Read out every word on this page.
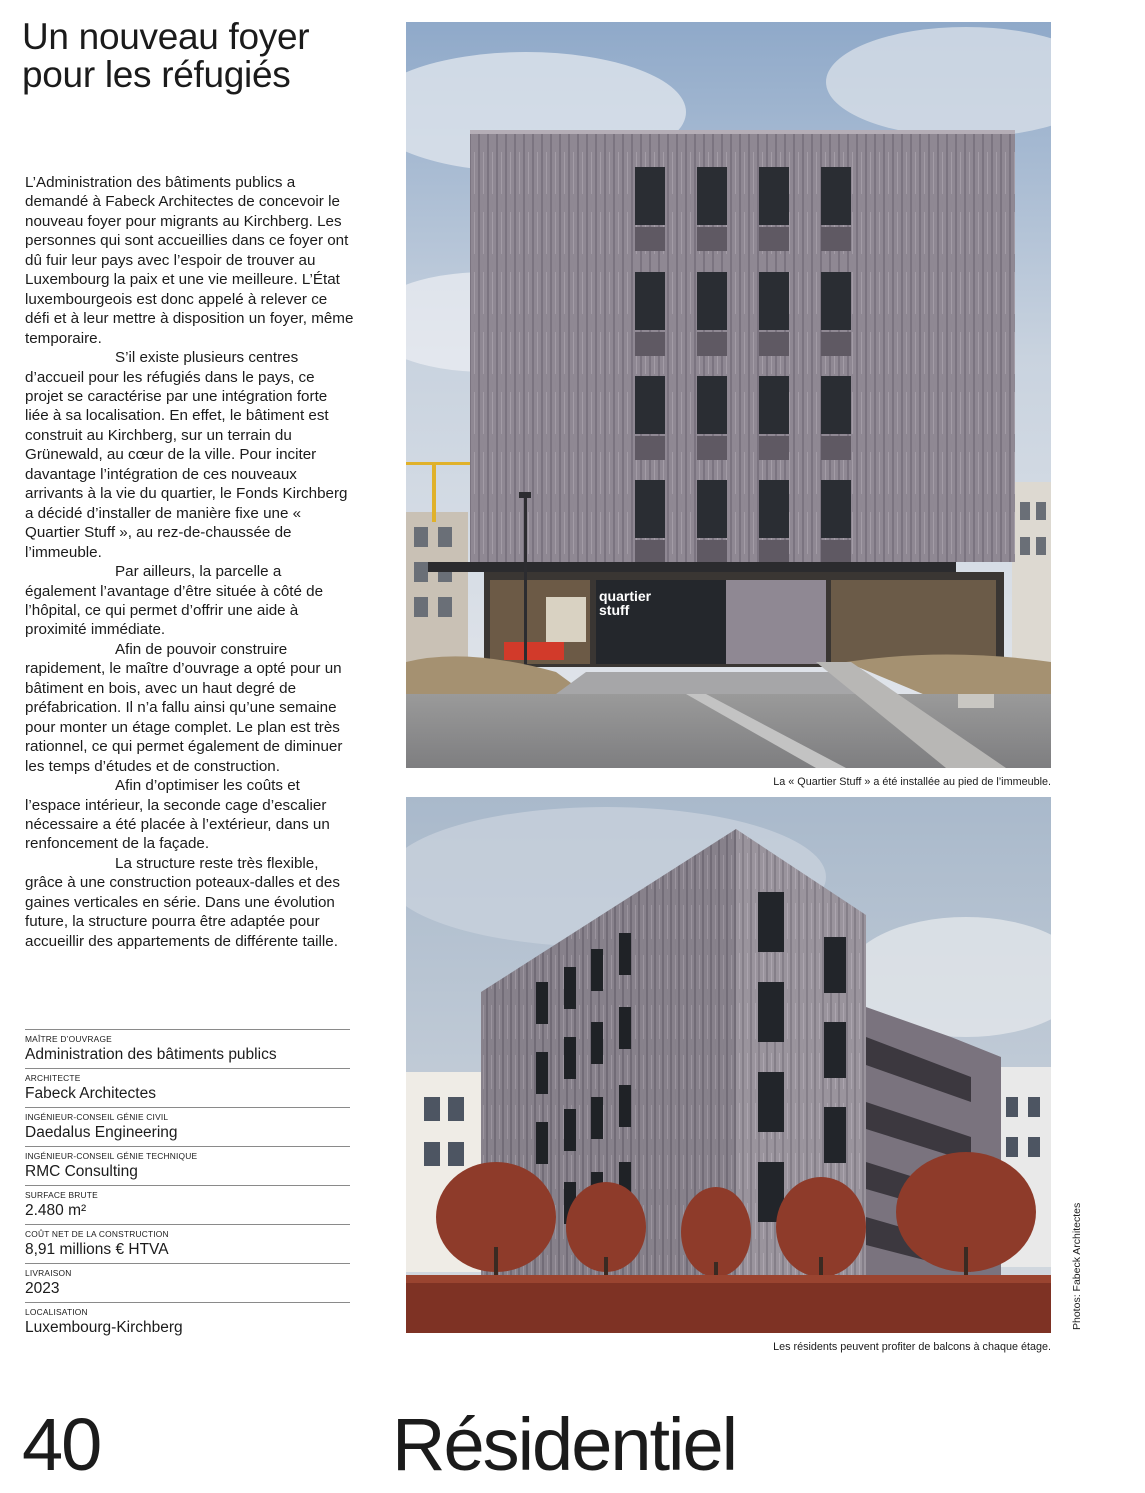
Un nouveau foyer
pour les réfugiés

L’Administration des bâtiments publics a demandé à Fabeck Architectes de concevoir le nouveau foyer pour migrants au Kirchberg. Les personnes qui sont accueillies dans ce foyer ont dû fuir leur pays avec l’espoir de trouver au Luxembourg la paix et une vie meilleure. L’État luxembourgeois est donc appelé à relever ce défi et à leur mettre à disposition un foyer, même temporaire.

S’il existe plusieurs centres d’accueil pour les réfugiés dans le pays, ce projet se caractérise par une intégration forte liée à sa localisation. En effet, le bâtiment est construit au Kirchberg, sur un terrain du Grünewald, au cœur de la ville. Pour inciter davantage l’intégration de ces nouveaux arrivants à la vie du quartier, le Fonds Kirchberg a décidé d’installer de manière fixe une « Quartier Stuff », au rez-de-chaussée de l’immeuble.

Par ailleurs, la parcelle a également l’avantage d’être située à côté de l’hôpital, ce qui permet d’offrir une aide à proximité immédiate.

Afin de pouvoir construire rapidement, le maître d’ouvrage a opté pour un bâtiment en bois, avec un haut degré de préfabrication. Il n’a fallu ainsi qu’une semaine pour monter un étage complet. Le plan est très rationnel, ce qui permet également de diminuer les temps d’études et de construction.

Afin d’optimiser les coûts et l’espace intérieur, la seconde cage d’escalier nécessaire a été placée à l’extérieur, dans un renfoncement de la façade.

La structure reste très flexible, grâce à une construction poteaux-dalles et des gaines verticales en série. Dans une évolution future, la structure pourra être adaptée pour accueillir des appartements de différente taille.

MAÎTRE D’OUVRAGE
Administration des bâtiments publics
ARCHITECTE
Fabeck Architectes
INGÉNIEUR-CONSEIL GÉNIE CIVIL
Daedalus Engineering
INGÉNIEUR-CONSEIL GÉNIE TECHNIQUE
RMC Consulting
SURFACE BRUTE
2.480 m²
COÛT NET DE LA CONSTRUCTION
8,91 millions € HTVA
LIVRAISON
2023
LOCALISATION
Luxembourg-Kirchberg
quartier
stuff
La « Quartier Stuff » a été installée au pied de l’immeuble.
Les résidents peuvent profiter de balcons à chaque étage.
Photos: Fabeck Architectes
40	Résidentiel
